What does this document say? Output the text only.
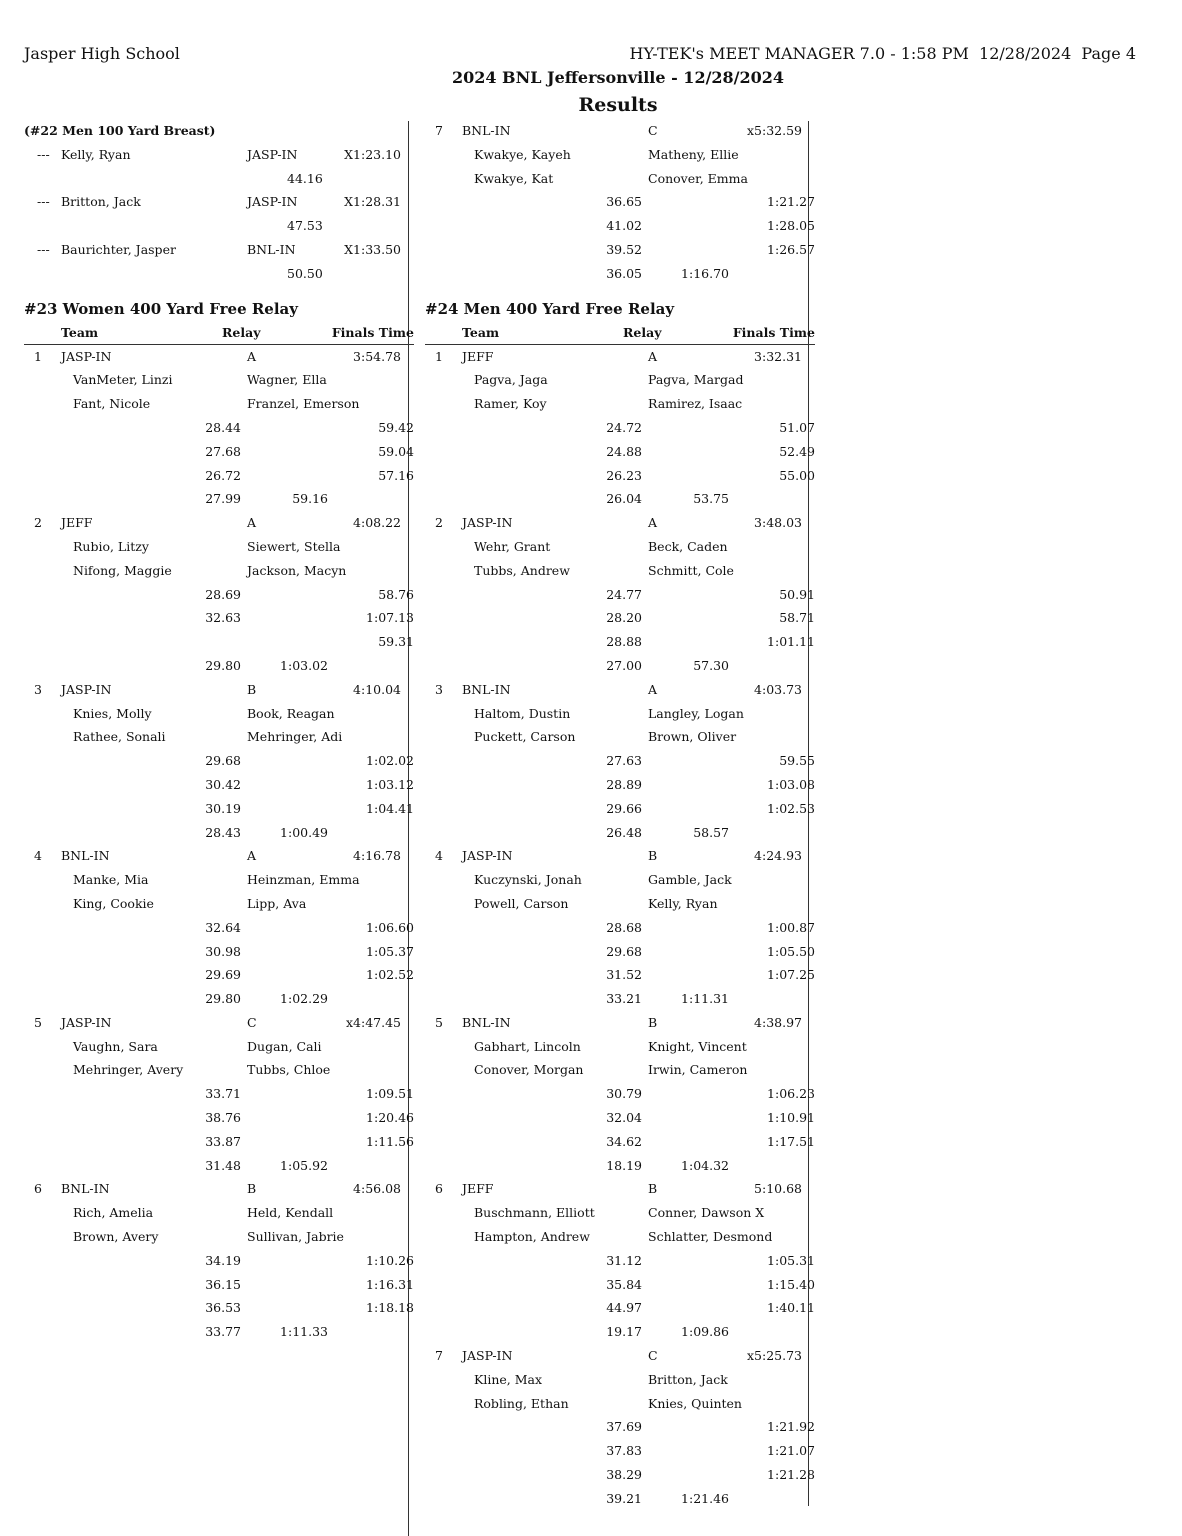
Jasper High School	HY-TEK's MEET MANAGER 7.0 - 1:58 PM  12/28/2024  Page 4
2024 BNL Jeffersonville - 12/28/2024
Results
(#22 Men 100 Yard Breast)
--- Kelly, Ryan	JASP-IN	X1:23.10
44.16
--- Britton, Jack	JASP-IN	X1:28.31
47.53
--- Baurichter, Jasper	BNL-IN	X1:33.50
50.50
#23 Women 400 Yard Free Relay
Team	Relay	Finals Time
1 JASP-IN	A	3:54.78
VanMeter, Linzi	Wagner, Ella
Fant, Nicole	Franzel, Emerson
28.44	59.42
27.68	59.04
26.72	57.16
27.99	59.16
2 JEFF	A	4:08.22
Rubio, Litzy	Siewert, Stella
Nifong, Maggie	Jackson, Macyn
28.69	58.76
32.63	1:07.13
59.31
29.80	1:03.02
3 JASP-IN	B	4:10.04
Knies, Molly	Book, Reagan
Rathee, Sonali	Mehringer, Adi
29.68	1:02.02
30.42	1:03.12
30.19	1:04.41
28.43	1:00.49
4 BNL-IN	A	4:16.78
Manke, Mia	Heinzman, Emma
King, Cookie	Lipp, Ava
32.64	1:06.60
30.98	1:05.37
29.69	1:02.52
29.80	1:02.29
5 JASP-IN	C	x4:47.45
Vaughn, Sara	Dugan, Cali
Mehringer, Avery	Tubbs, Chloe
33.71	1:09.51
38.76	1:20.46
33.87	1:11.56
31.48	1:05.92
6 BNL-IN	B	4:56.08
Rich, Amelia	Held, Kendall
Brown, Avery	Sullivan, Jabrie
34.19	1:10.26
36.15	1:16.31
36.53	1:18.18
33.77	1:11.33
7 BNL-IN	C	x5:32.59
Kwakye, Kayeh	Matheny, Ellie
Kwakye, Kat	Conover, Emma
36.65	1:21.27
41.02	1:28.05
39.52	1:26.57
36.05	1:16.70
#24 Men 400 Yard Free Relay
Team	Relay	Finals Time
1 JEFF	A	3:32.31
Pagva, Jaga	Pagva, Margad
Ramer, Koy	Ramirez, Isaac
24.72	51.07
24.88	52.49
26.23	55.00
26.04	53.75
2 JASP-IN	A	3:48.03
Wehr, Grant	Beck, Caden
Tubbs, Andrew	Schmitt, Cole
24.77	50.91
28.20	58.71
28.88	1:01.11
27.00	57.30
3 BNL-IN	A	4:03.73
Haltom, Dustin	Langley, Logan
Puckett, Carson	Brown, Oliver
27.63	59.55
28.89	1:03.08
29.66	1:02.53
26.48	58.57
4 JASP-IN	B	4:24.93
Kuczynski, Jonah	Gamble, Jack
Powell, Carson	Kelly, Ryan
28.68	1:00.87
29.68	1:05.50
31.52	1:07.25
33.21	1:11.31
5 BNL-IN	B	4:38.97
Gabhart, Lincoln	Knight, Vincent
Conover, Morgan	Irwin, Cameron
30.79	1:06.23
32.04	1:10.91
34.62	1:17.51
18.19	1:04.32
6 JEFF	B	5:10.68
Buschmann, Elliott	Conner, Dawson X
Hampton, Andrew	Schlatter, Desmond
31.12	1:05.31
35.84	1:15.40
44.97	1:40.11
19.17	1:09.86
7 JASP-IN	C	x5:25.73
Kline, Max	Britton, Jack
Robling, Ethan	Knies, Quinten
37.69	1:21.92
37.83	1:21.07
38.29	1:21.28
39.21	1:21.46
